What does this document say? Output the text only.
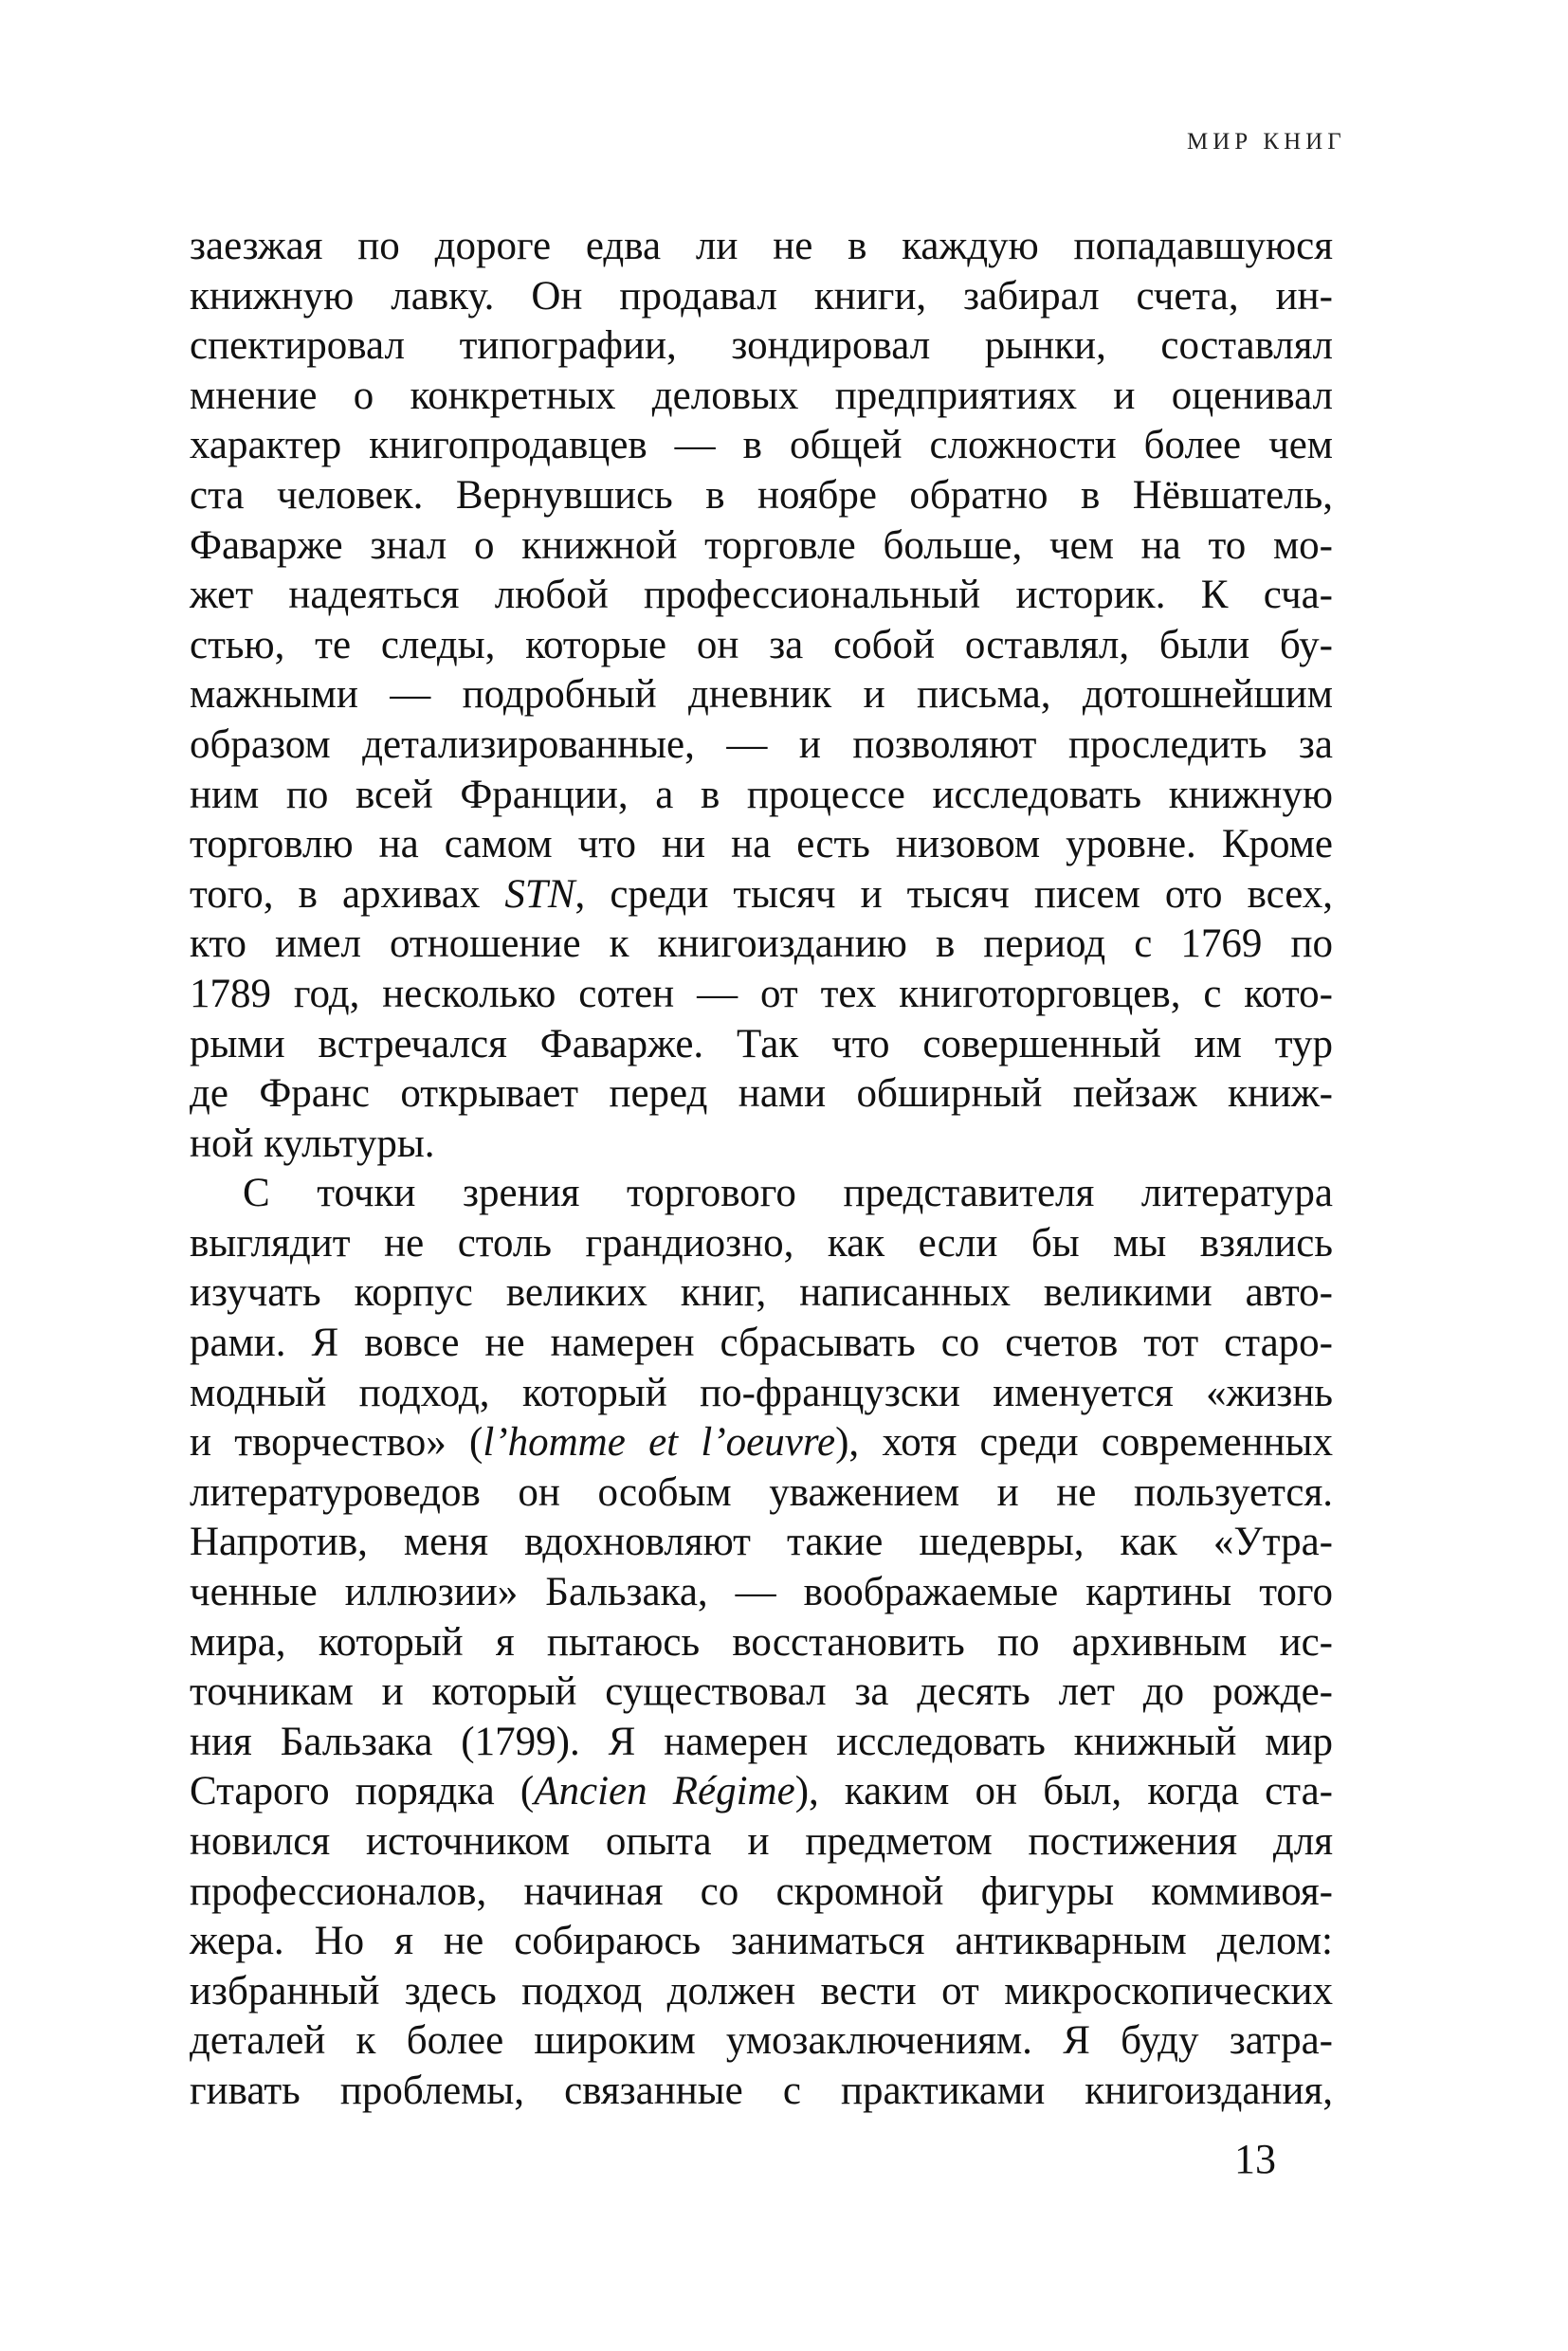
МИР КНИГ
заезжая по дороге едва ли не в каждую попадавшуюся
книжную лавку. Он продавал книги, забирал счета, ин-
спектировал типографии, зондировал рынки, составлял
мнение о конкретных деловых предприятиях и оценивал
характер книгопродавцев — в общей сложности более чем
ста человек. Вернувшись в ноябре обратно в Нёвшатель,
Фаварже знал о книжной торговле больше, чем на то мо-
жет надеяться любой профессиональный историк. К сча-
стью, те следы, которые он за собой оставлял, были бу-
мажными — подробный дневник и письма, дотошнейшим
образом детализированные, — и позволяют проследить за
ним по всей Франции, а в процессе исследовать книжную
торговлю на самом что ни на есть низовом уровне. Кроме
того, в архивах STN, среди тысяч и тысяч писем ото всех,
кто имел отношение к книгоизданию в период с 1769 по
1789 год, несколько сотен — от тех книготорговцев, с кото-
рыми встречался Фаварже. Так что совершенный им тур
де Франс открывает перед нами обширный пейзаж книж-
ной культуры.
С точки зрения торгового представителя литература
выглядит не столь грандиозно, как если бы мы взялись
изучать корпус великих книг, написанных великими авто-
рами. Я вовсе не намерен сбрасывать со счетов тот старо-
модный подход, который по-французски именуется «жизнь
и творчество» (l’homme et l’oeuvre), хотя среди современных
литературоведов он особым уважением и не пользуется.
Напротив, меня вдохновляют такие шедевры, как «Утра-
ченные иллюзии» Бальзака, — воображаемые картины того
мира, который я пытаюсь восстановить по архивным ис-
точникам и который существовал за десять лет до рожде-
ния Бальзака (1799). Я намерен исследовать книжный мир
Старого порядка (Ancien Régime), каким он был, когда ста-
новился источником опыта и предметом постижения для
профессионалов, начиная со скромной фигуры коммивоя-
жера. Но я не собираюсь заниматься антикварным делом:
избранный здесь подход должен вести от микроскопических
деталей к более широким умозаключениям. Я буду затра-
гивать проблемы, связанные с практиками книгоиздания,
13
